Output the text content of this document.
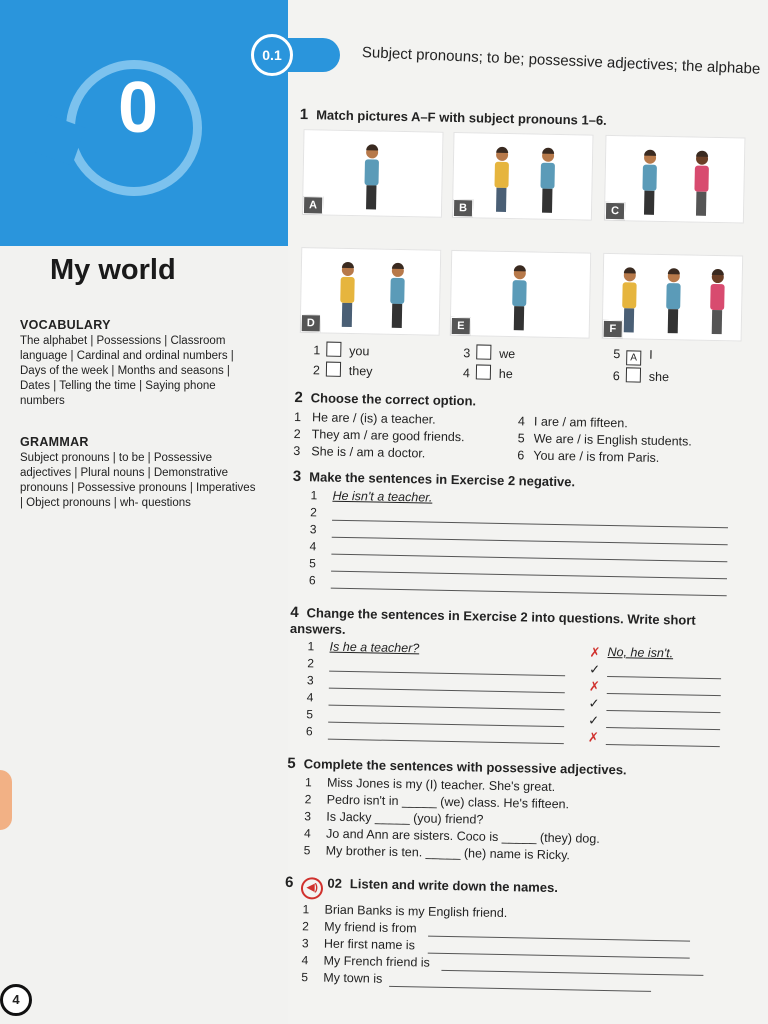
0
My world
VOCABULARY

The alphabet | Possessions | Classroom language | Cardinal and ordinal numbers | Days of the week | Months and seasons | Dates | Telling the time | Saying phone numbers

GRAMMAR

Subject pronouns | to be | Possessive adjectives | Plural nouns | Demonstrative pronouns | Possessive pronouns | Imperatives | Object pronouns | wh- questions

4
0.1	Subject pronouns; to be; possessive adjectives; the alphabe
1 Match pictures A–F with subject pronouns 1–6.
A	B	C
D	E	F
1 you
2 they
3 we
4 he
5 A I
6 she
2 Choose the correct option.
He are / (is) a teacher.
They am / are good friends.
She is / am a doctor.
I are / am fifteen.
We are / is English students.
You are / is from Paris.
1
2
3
4
5
6
3 Make the sentences in Exercise 2 negative.
1 He isn't a teacher.
2
3
4
5
6
4 Change the sentences in Exercise 2 into questions. Write short answers.
1 Is he a teacher?	✗ No, he isn't.
2	✓
3	✗
4	✓
5	✓
6	✗
5 Complete the sentences with possessive adjectives.
1 Miss Jones is my (I) teacher. She's great.
2 Pedro isn't in _____ (we) class. He's fifteen.
3 Is Jacky _____ (you) friend?
4 Jo and Ann are sisters. Coco is _____ (they) dog.
5 My brother is ten. _____ (he) name is Ricky.
6 ◀) 02 Listen and write down the names.
1 Brian Banks is my English friend.
2 My friend is from
3 Her first name is
4 My French friend is
5 My town is
